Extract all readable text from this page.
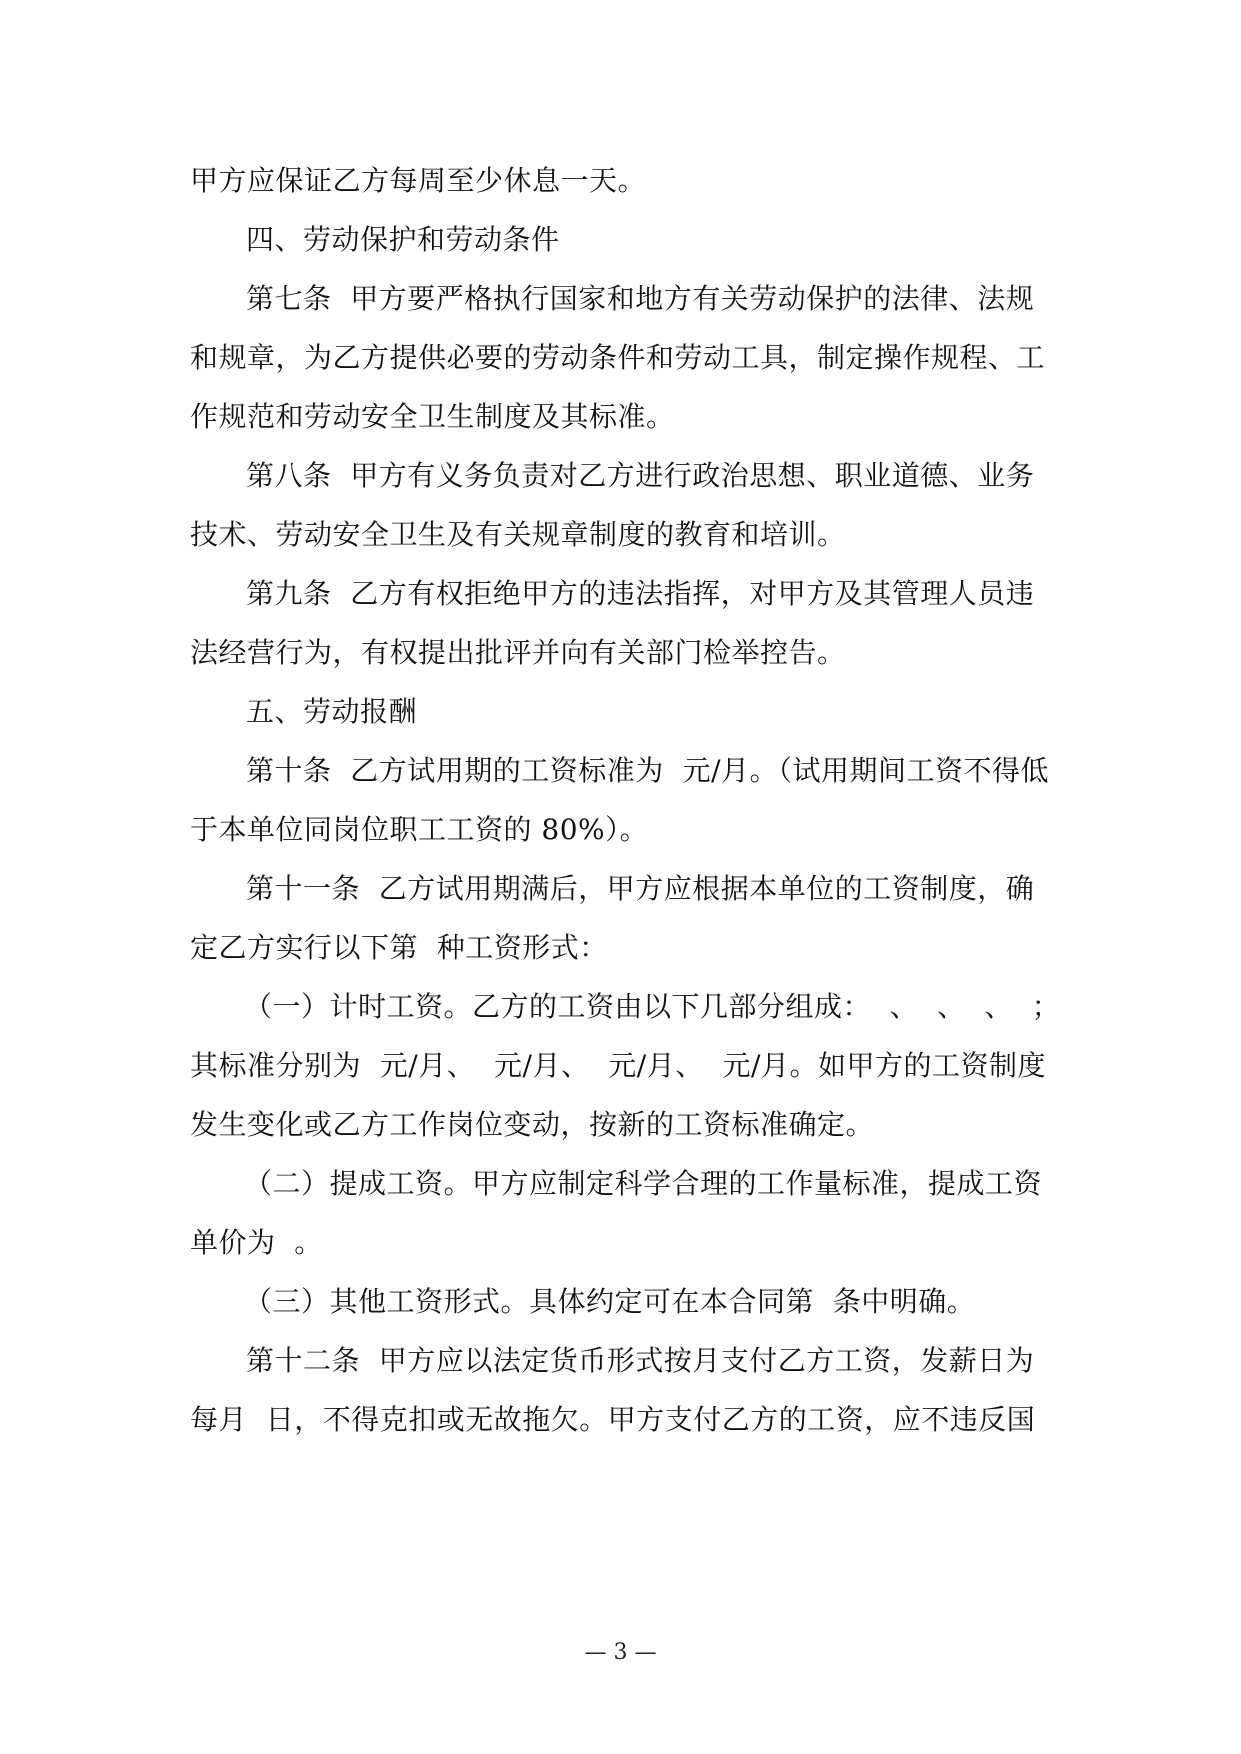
甲方应保证乙方每周至少休息一天。
四、劳动保护和劳动条件
第七条  甲方要严格执行国家和地方有关劳动保护的法律、法规
和规章，为乙方提供必要的劳动条件和劳动工具，制定操作规程、工
作规范和劳动安全卫生制度及其标准。
第八条  甲方有义务负责对乙方进行政治思想、职业道德、业务
技术、劳动安全卫生及有关规章制度的教育和培训。
第九条  乙方有权拒绝甲方的违法指挥，对甲方及其管理人员违
法经营行为，有权提出批评并向有关部门检举控告。
五、劳动报酬
第十条  乙方试用期的工资标准为  元/月。（试用期间工资不得低
于本单位同岗位职工工资的 80%）。
第十一条  乙方试用期满后，甲方应根据本单位的工资制度，确
定乙方实行以下第  种工资形式：
（一）计时工资。乙方的工资由以下几部分组成：  、  、  、  ；
其标准分别为  元/月、  元/月、  元/月、  元/月。如甲方的工资制度
发生变化或乙方工作岗位变动，按新的工资标准确定。
（二）提成工资。甲方应制定科学合理的工作量标准，提成工资
单价为  。
（三）其他工资形式。具体约定可在本合同第  条中明确。
第十二条  甲方应以法定货币形式按月支付乙方工资，发薪日为
每月  日，不得克扣或无故拖欠。甲方支付乙方的工资，应不违反国
— 3 —
